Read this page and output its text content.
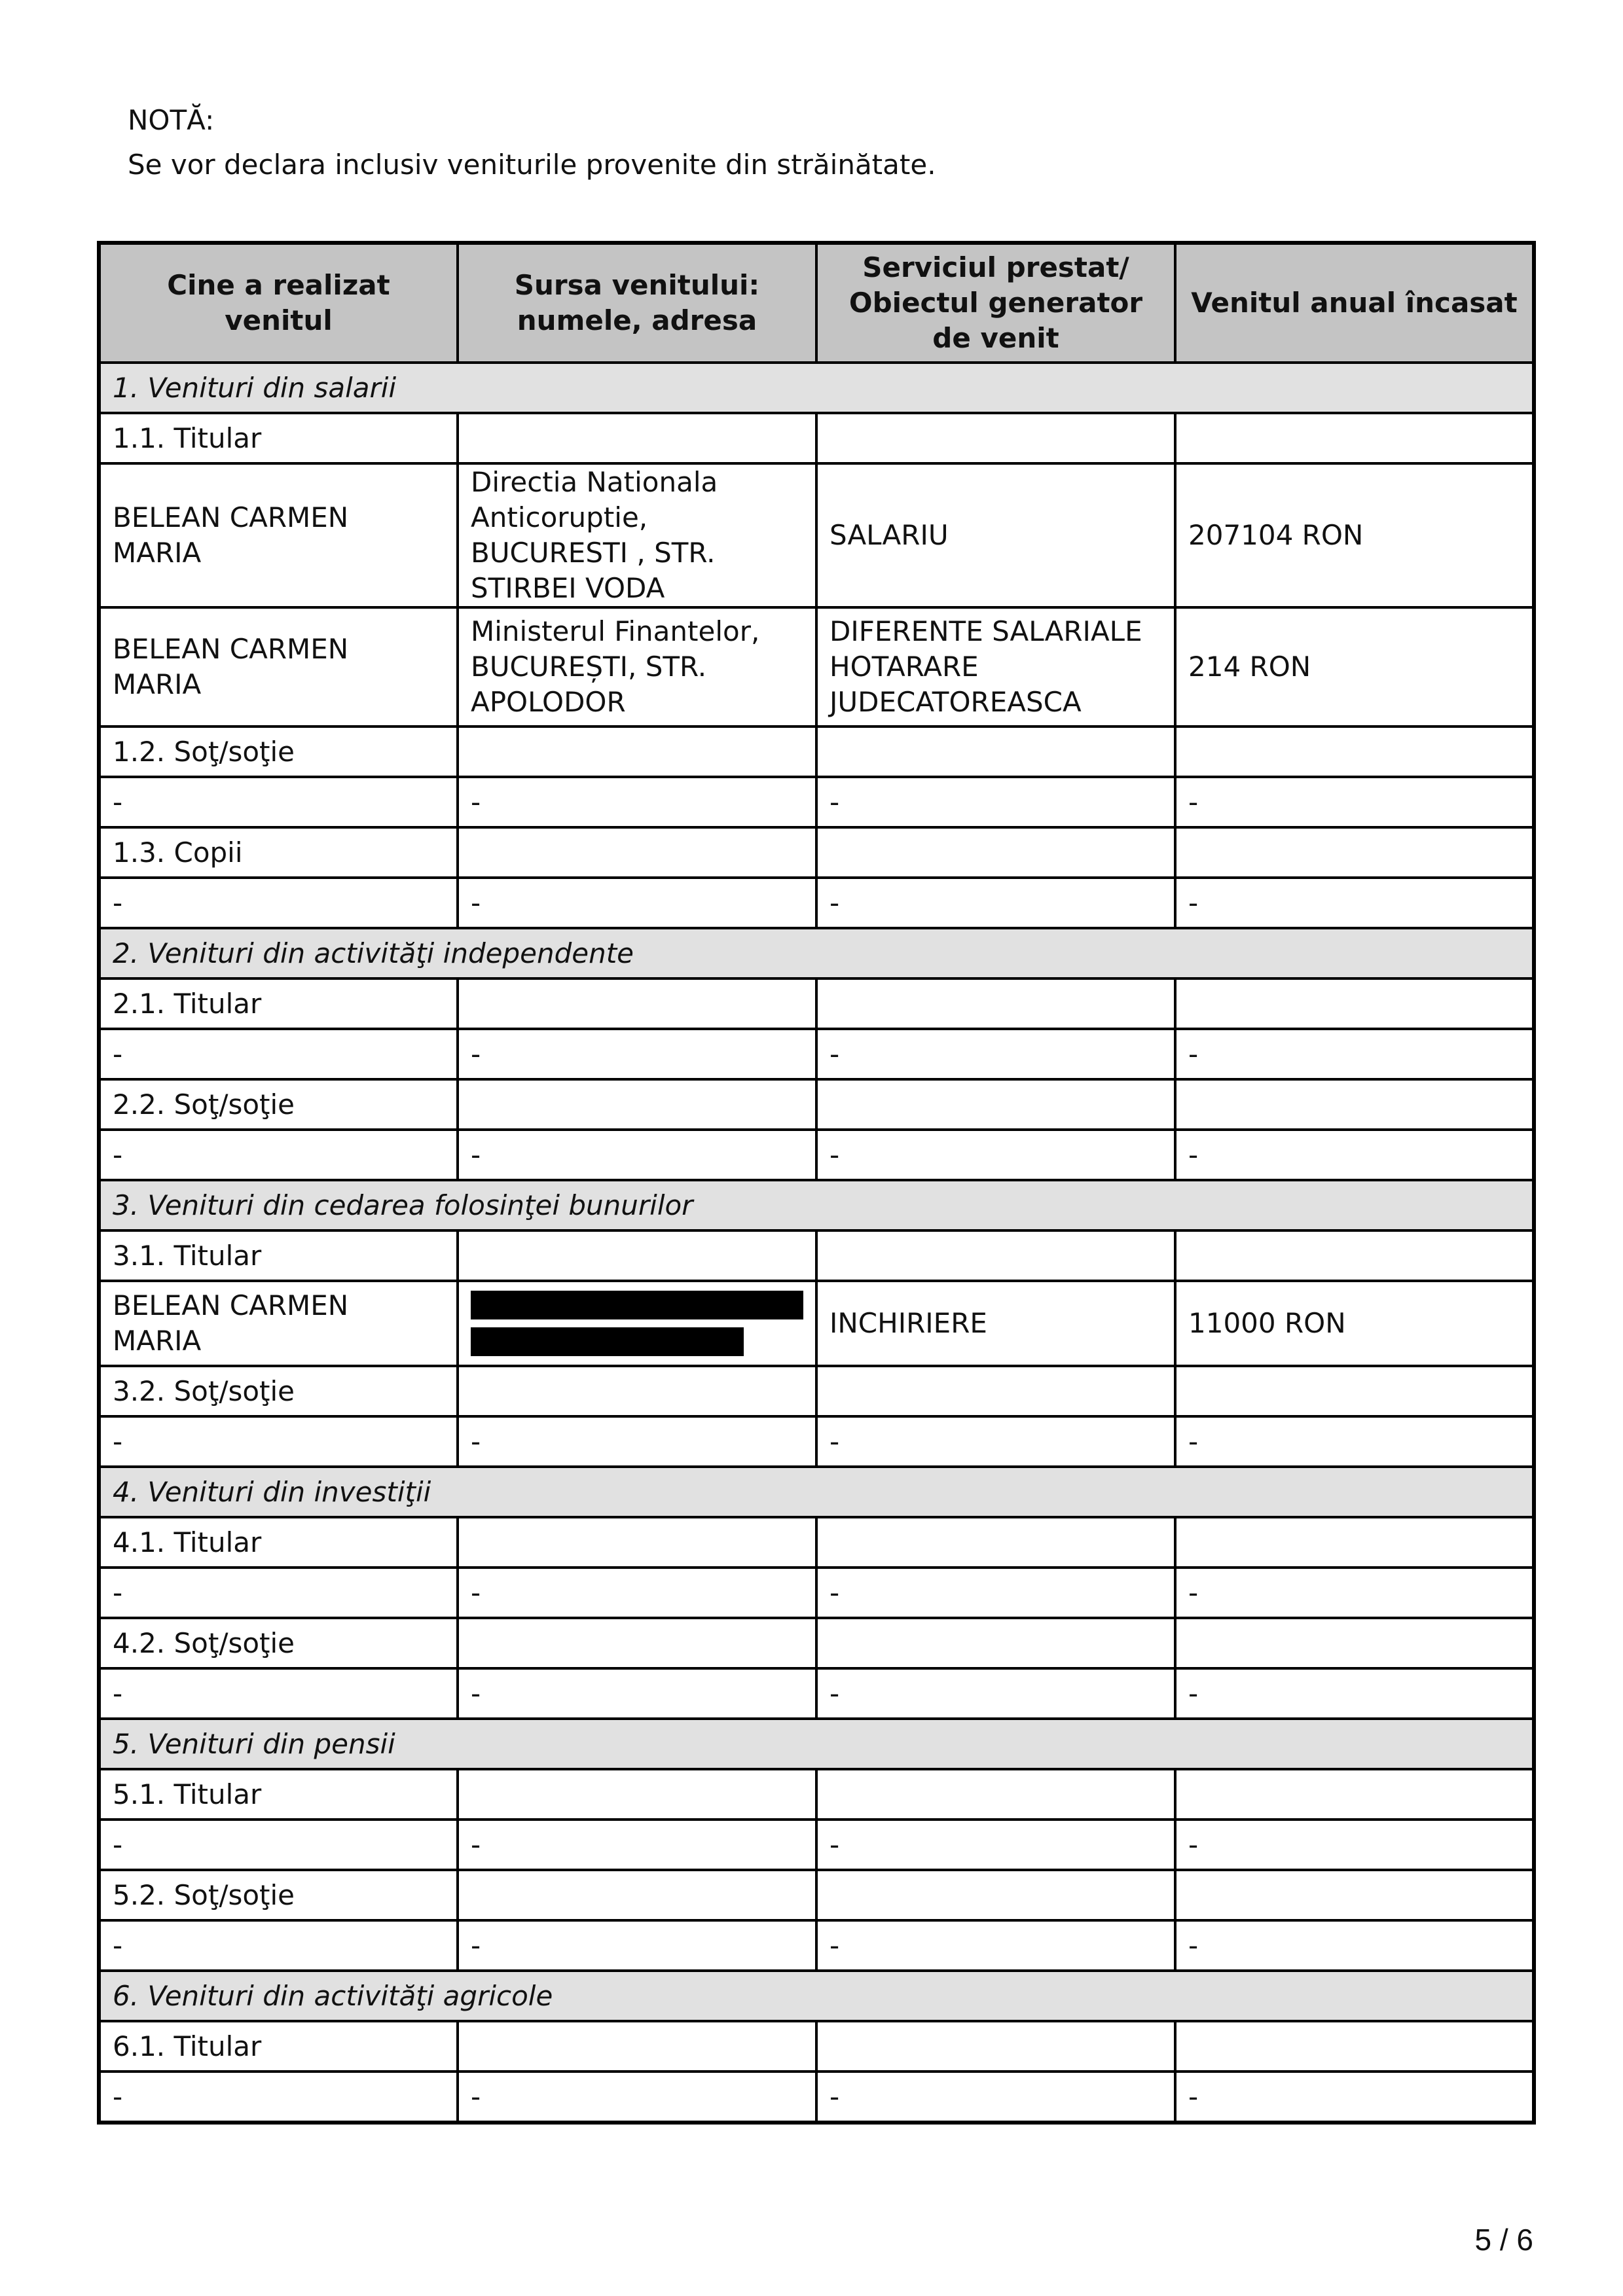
NOTĂ:
Se vor declara inclusiv veniturile provenite din străinătate.
Cine a realizat venitul	Sursa venitului: numele, adresa	Serviciul prestat/ Obiectul generator de venit	Venitul anual încasat
1. Venituri din salarii			
1.1. Titular			
BELEAN CARMEN MARIA	Directia Nationala Anticoruptie, BUCURESTI , STR. STIRBEI VODA	SALARIU	207104 RON
BELEAN CARMEN MARIA	Ministerul Finantelor, BUCUREȘTI, STR. APOLODOR	DIFERENTE SALARIALE HOTARARE JUDECATOREASCA	214 RON
1.2. Soţ/soţie			
-	-	-	-
1.3. Copii			
-	-	-	-
2. Venituri din activităţi independente			
2.1. Titular			
-	-	-	-
2.2. Soţ/soţie			
-	-	-	-
3. Venituri din cedarea folosinţei bunurilor			
3.1. Titular			
BELEAN CARMEN MARIA		INCHIRIERE	11000 RON
3.2. Soţ/soţie			
-	-	-	-
4. Venituri din investiţii			
4.1. Titular			
-	-	-	-
4.2. Soţ/soţie			
-	-	-	-
5. Venituri din pensii			
5.1. Titular			
-	-	-	-
5.2. Soţ/soţie			
-	-	-	-
6. Venituri din activităţi agricole			
6.1. Titular			
-	-	-	-
5 / 6
